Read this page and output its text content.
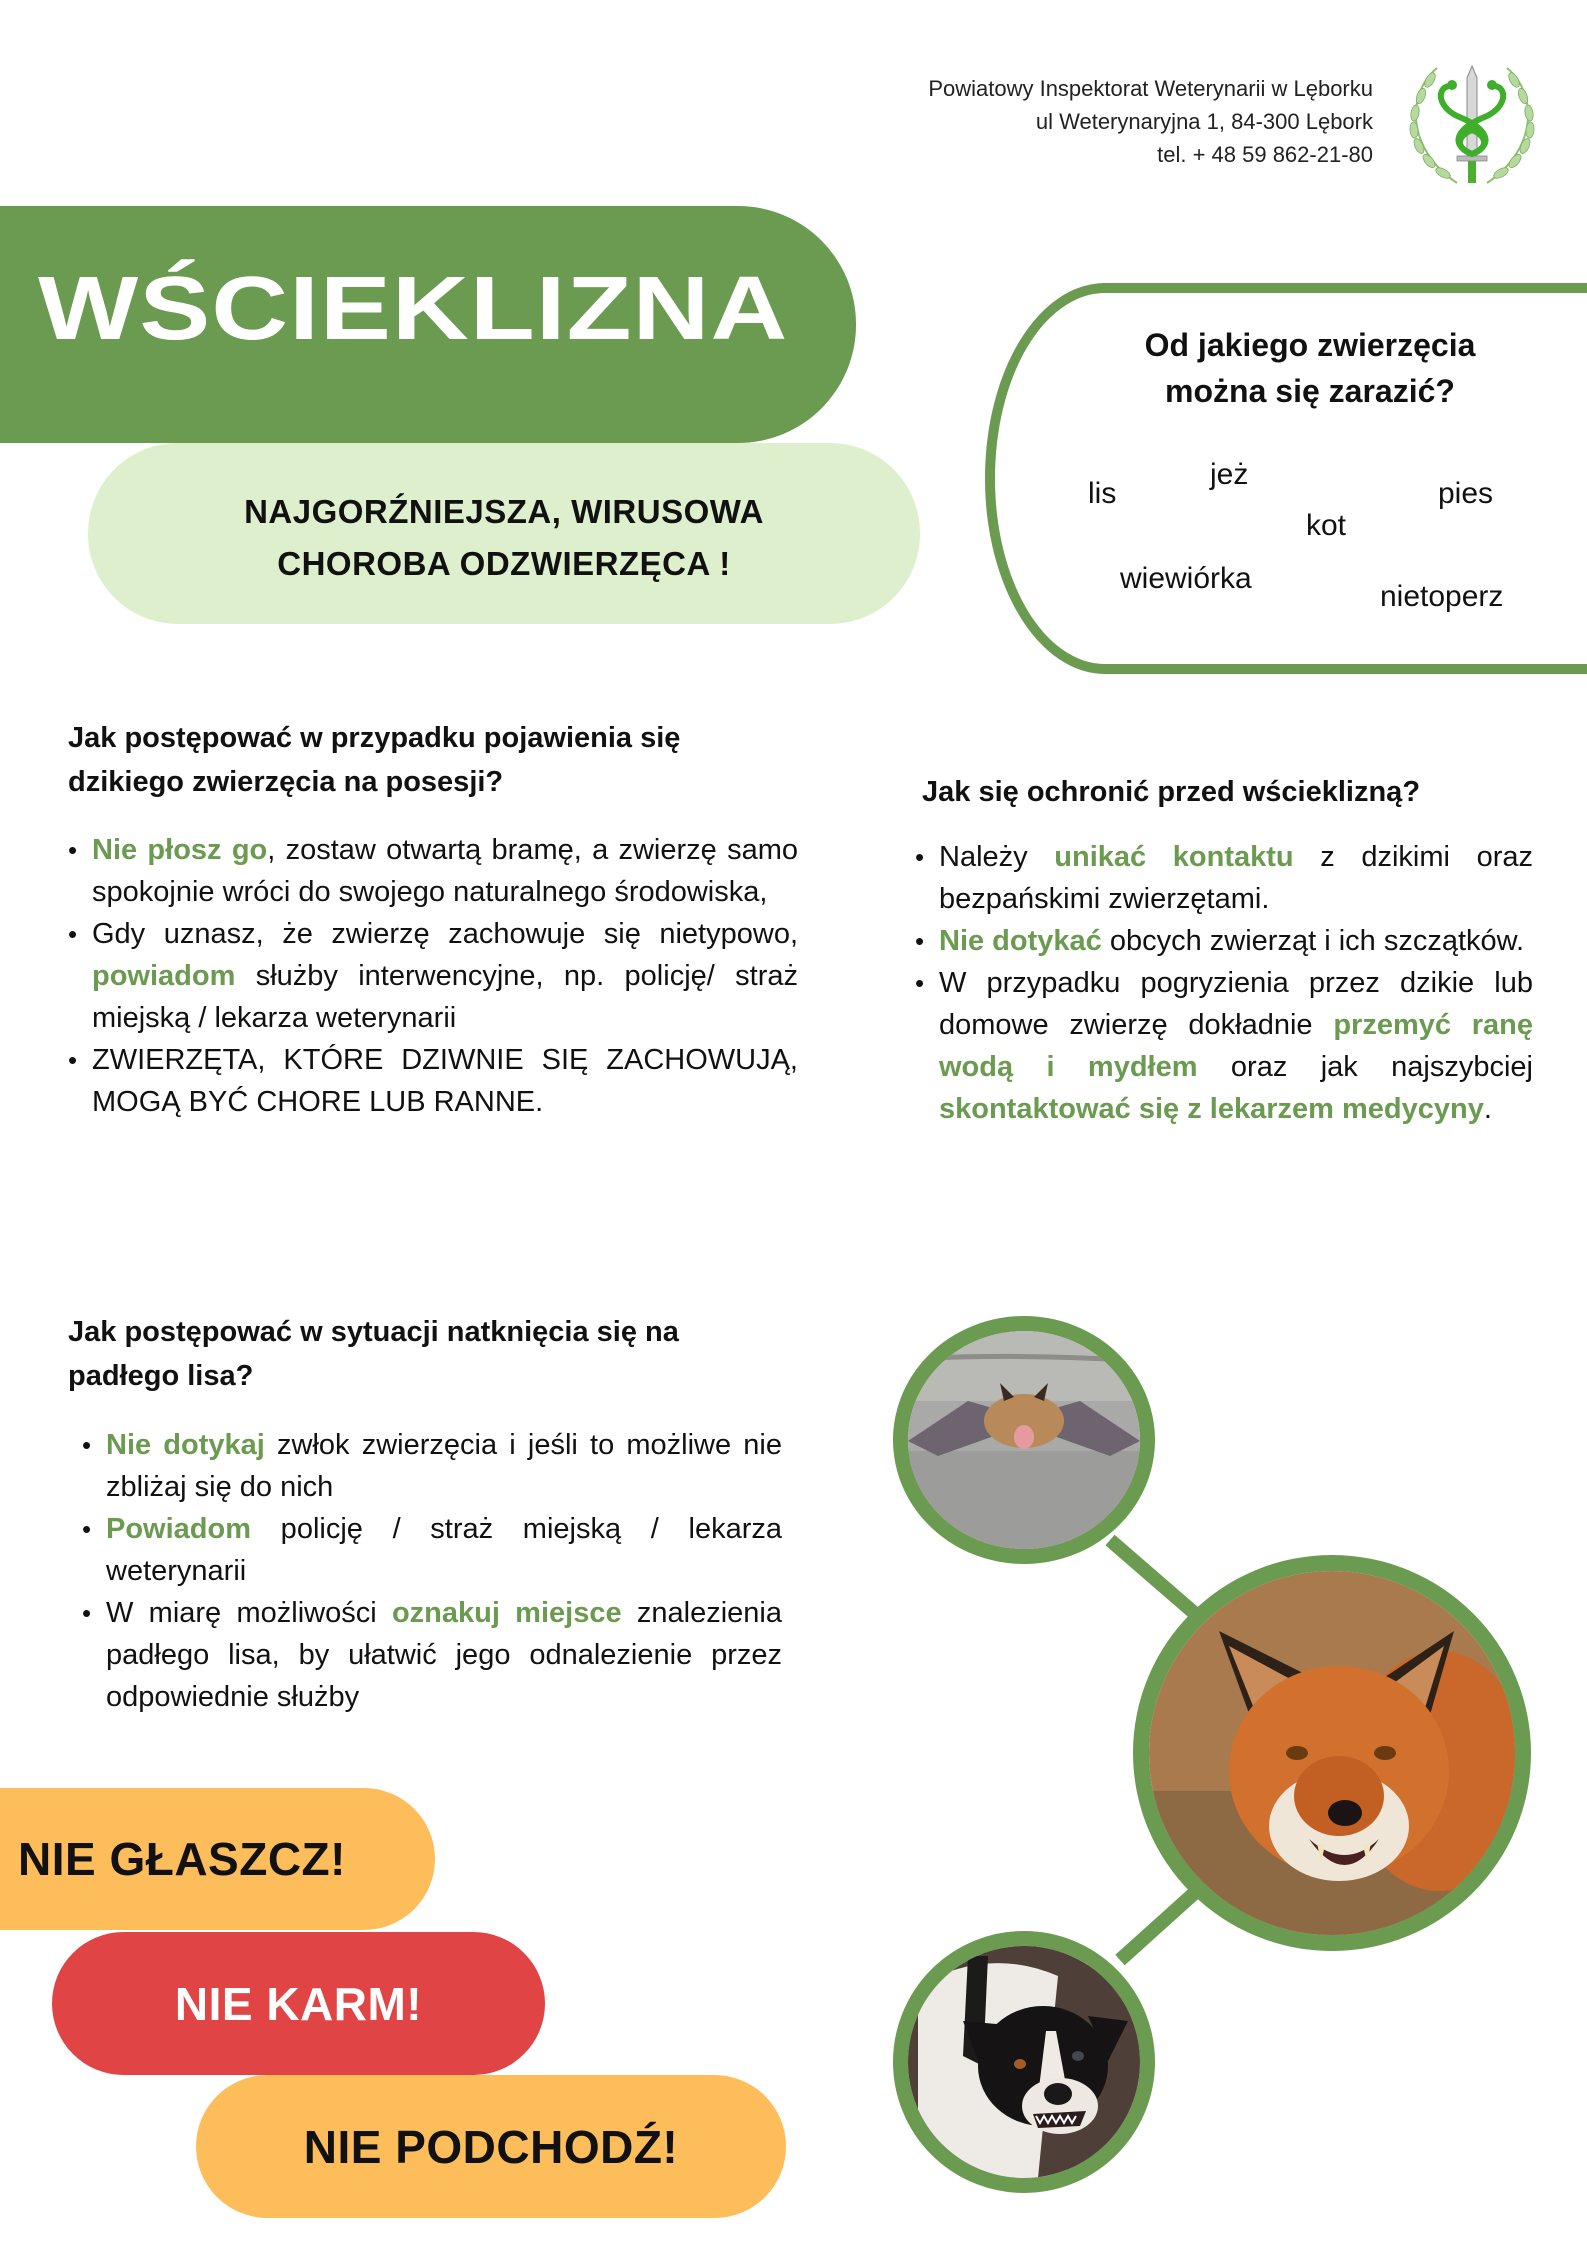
Powiatowy Inspektorat Weterynarii w Lęborku
ul Weterynaryjna 1, 84-300 Lębork
tel. + 48 59 862-21-80
WŚCIEKLIZNA
NAJGORŹNIEJSZA, WIRUSOWA
CHOROBA ODZWIERZĘCA !
Od jakiego zwierzęcia
można się zarazić?
lis
jeż
kot
pies
wiewiórka
nietoperz
Jak postępować w przypadku pojawienia się
dzikiego zwierzęcia na posesji?
• Nie płosz go, zostaw otwartą bramę, a zwierzę samo spokojnie wróci do swojego naturalnego środowiska,
• Gdy uznasz, że zwierzę zachowuje się nietypowo, powiadom służby interwencyjne, np. policję/ straż miejską / lekarza weterynarii
• ZWIERZĘTA, KTÓRE DZIWNIE SIĘ ZACHOWUJĄ, MOGĄ BYĆ CHORE LUB RANNE.
Jak się ochronić przed wścieklizną?
• Należy unikać kontaktu z dzikimi oraz bezpańskimi zwierzętami.
• Nie dotykać obcych zwierząt i ich szczątków.
• W przypadku pogryzienia przez dzikie lub domowe zwierzę dokładnie przemyć ranę wodą i mydłem oraz jak najszybciej skontaktować się z lekarzem medycyny.
Jak postępować w sytuacji natknięcia się na
padłego lisa?
• Nie dotykaj zwłok zwierzęcia i jeśli to możliwe nie zbliżaj się do nich
• Powiadom policję / straż miejską / lekarza weterynarii
• W miarę możliwości oznakuj miejsce znalezienia padłego lisa, by ułatwić jego odnalezienie przez odpowiednie służby
NIE GŁASZCZ!
NIE KARM!
NIE PODCHODŹ!
